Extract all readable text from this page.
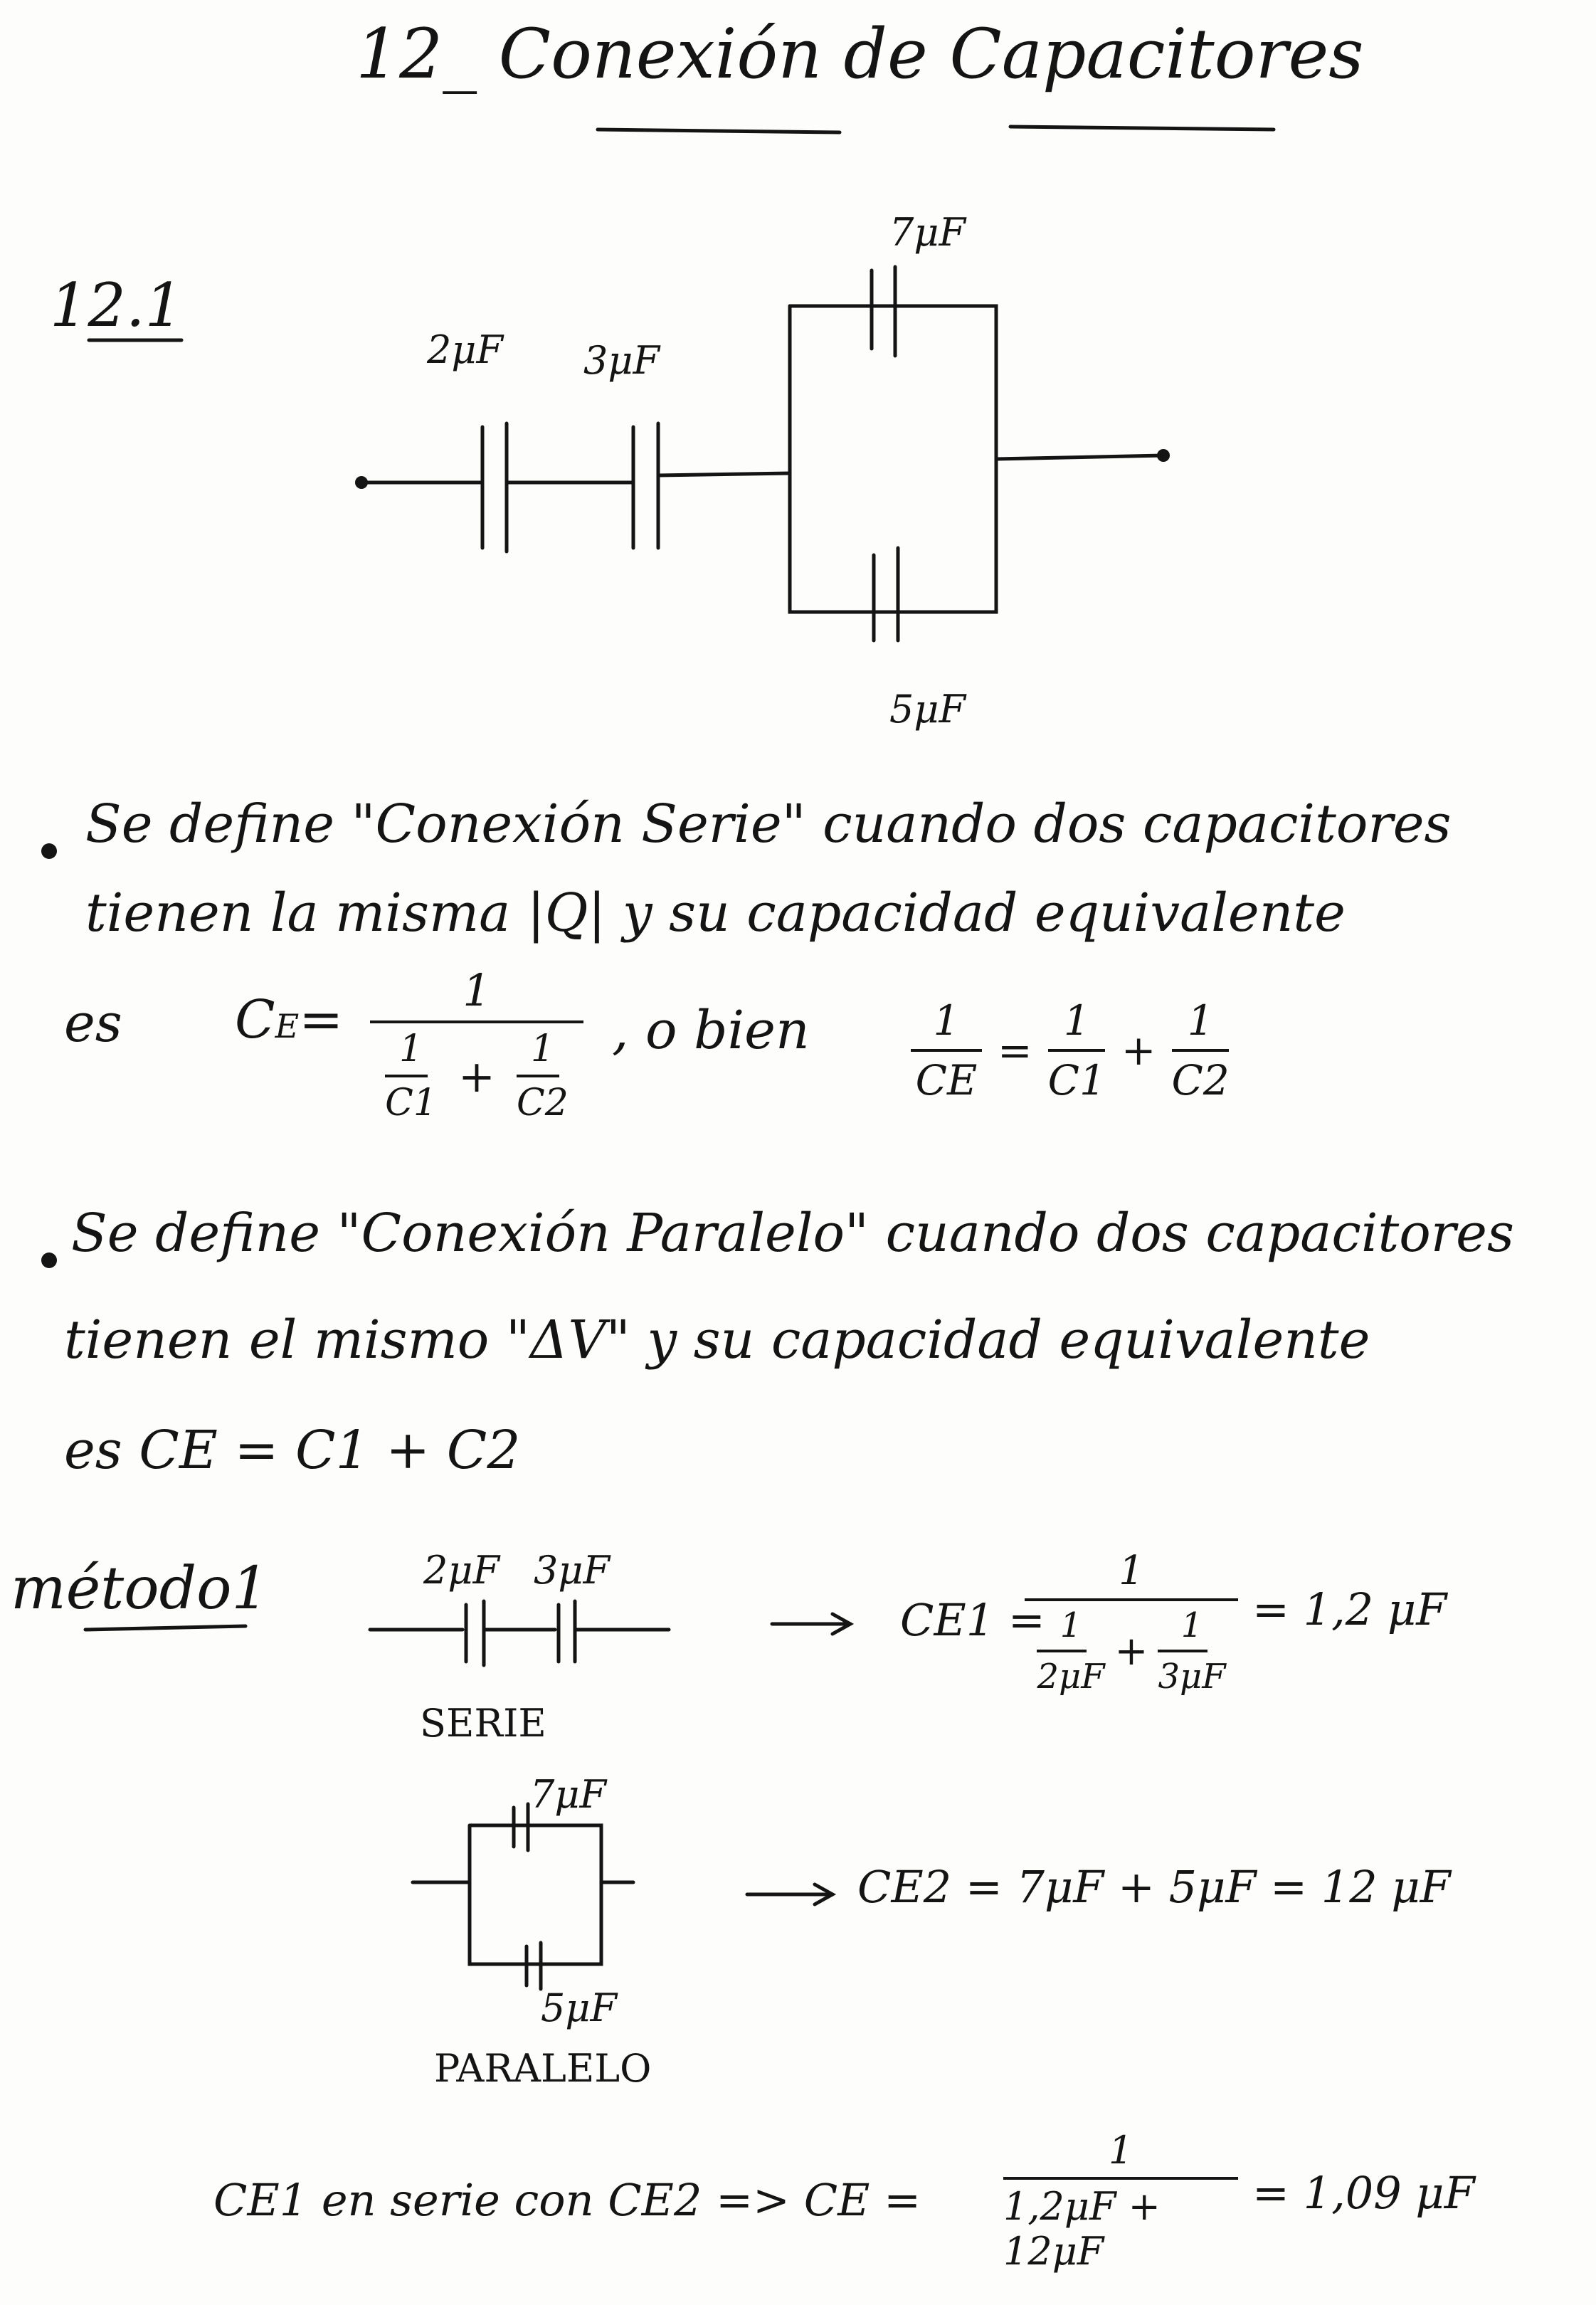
12_ Conexión de Capacitores
12.1
2μF 3μF
7μF
5μF
Se define "Conexión Serie" cuando dos capacitores
tienen la misma |Q| y su capacidad equivalente
es CE=	1
$\frac{1}{C1} + \frac{1}{C2}$ , o bien $\frac{1}{CE} = \frac{1}{C1} + \frac{1}{C2}$
Se define "Conexión Paralelo" cuando dos capacitores
tienen el mismo "ΔV" y su capacidad equivalente
es CE = C1 + C2
método1	2μF 3μF
SERIE
CE1 =
1
$\frac{1}{2\mu F} + \frac{1}{3\mu F} = 1,2$ μF
7μF
5μF
PARALELO
CE2 = 7μF + 5μF = 12 μF
CE1 en serie con CE2 => CE =
1
1,2μF + 12μF
= 1,09 μF
